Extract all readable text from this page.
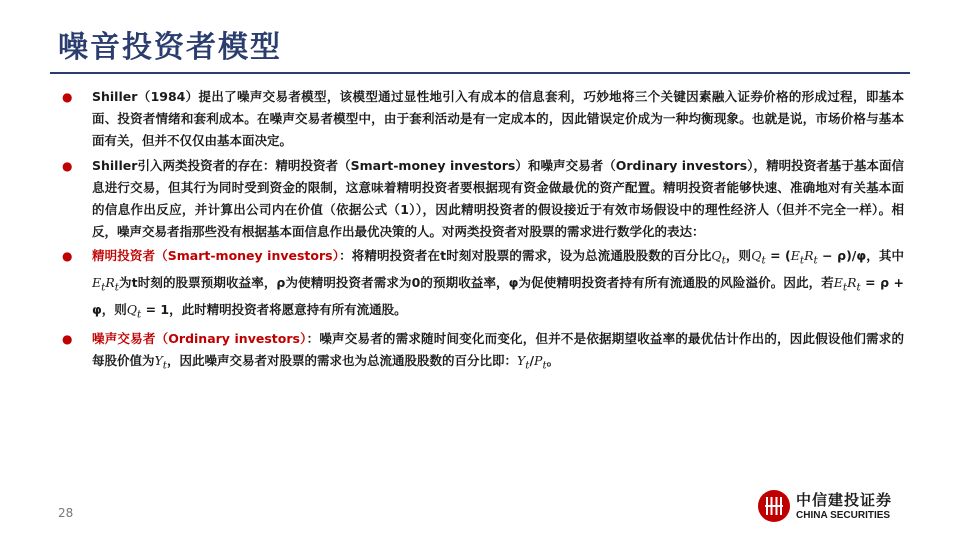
噪音投资者模型
●	Shiller（1984）提出了噪声交易者模型，该模型通过显性地引入有成本的信息套利，巧妙地将三个关键因素融入证券价格的形成过程，即基本面、投资者情绪和套利成本。在噪声交易者模型中，由于套利活动是有一定成本的，因此错误定价成为一种均衡现象。也就是说，市场价格与基本面有关，但并不仅仅由基本面决定。
●	Shiller引入两类投资者的存在：精明投资者（Smart-money investors）和噪声交易者（Ordinary investors），精明投资者基于基本面信息进行交易，但其行为同时受到资金的限制，这意味着精明投资者要根据现有资金做最优的资产配置。精明投资者能够快速、准确地对有关基本面的信息作出反应，并计算出公司内在价值（依据公式（1）），因此精明投资者的假设接近于有效市场假设中的理性经济人（但并不完全一样）。相反，噪声交易者指那些没有根据基本面信息作出最优决策的人。对两类投资者对股票的需求进行数学化的表达：
●	精明投资者（Smart-money investors）：将精明投资者在t时刻对股票的需求，设为总流通股股数的百分比$Q_t$，则$Q_t = (E_tR_t - \rho)/\varphi$，其中$E_tR_t$为t时刻的股票预期收益率，ρ为使精明投资者需求为0的预期收益率，φ为促使精明投资者持有所有流通股的风险溢价。因此，若$E_tR_t = \rho + \varphi$，则$Q_t = 1$，此时精明投资者将愿意持有所有流通股。
●	噪声交易者（Ordinary investors）：噪声交易者的需求随时间变化而变化，但并不是依据期望收益率的最优估计作出的，因此假设他们需求的每股价值为$Y_t$，因此噪声交易者对股票的需求也为总流通股股数的百分比即：$Y_t/P_t$。
28
中信建投证券
CHINA SECURITIES
